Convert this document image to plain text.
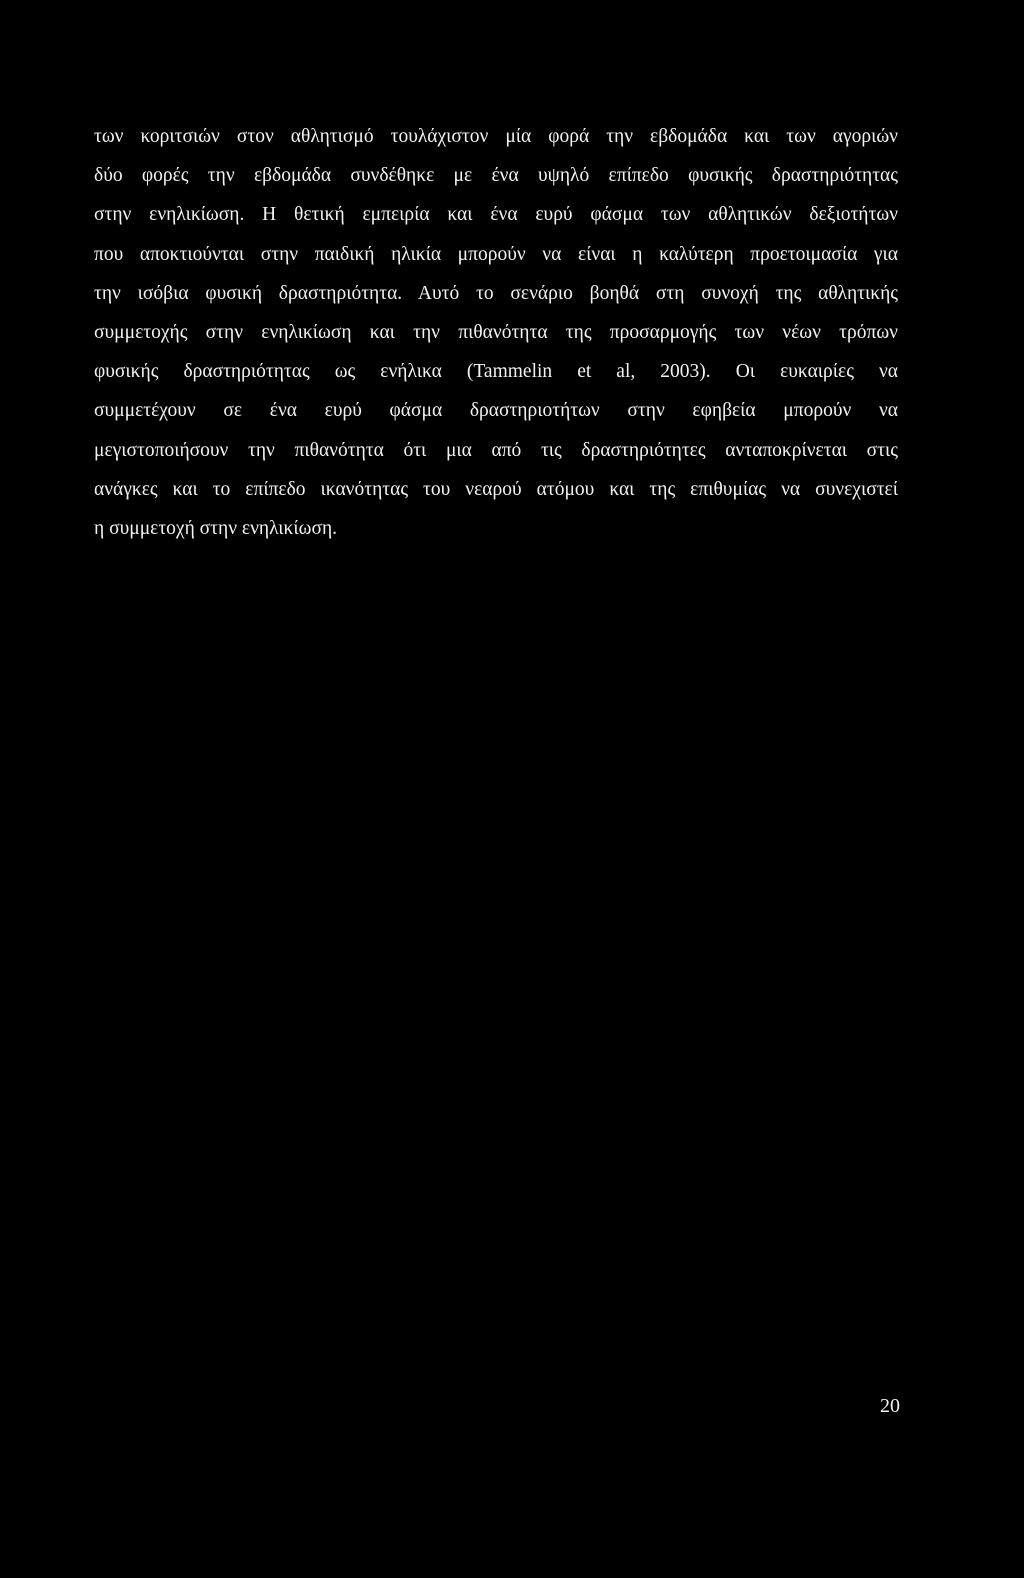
των κοριτσιών στον αθλητισμό τουλάχιστον μία φορά την εβδομάδα και των αγοριών
δύο φορές την εβδομάδα συνδέθηκε με ένα υψηλό επίπεδο φυσικής δραστηριότητας
στην ενηλικίωση. Η θετική εμπειρία και ένα ευρύ φάσμα των αθλητικών δεξιοτήτων
που αποκτιούνται στην παιδική ηλικία μπορούν να είναι η καλύτερη προετοιμασία για
την ισόβια φυσική δραστηριότητα. Αυτό το σενάριο βοηθά στη συνοχή της αθλητικής
συμμετοχής στην ενηλικίωση και την πιθανότητα της προσαρμογής των νέων τρόπων
φυσικής δραστηριότητας ως ενήλικα (Tammelin et al, 2003). Οι ευκαιρίες να
συμμετέχουν σε ένα ευρύ φάσμα δραστηριοτήτων στην εφηβεία μπορούν να
μεγιστοποιήσουν την πιθανότητα ότι μια από τις δραστηριότητες ανταποκρίνεται στις
ανάγκες και το επίπεδο ικανότητας του νεαρού ατόμου και της επιθυμίας να συνεχιστεί
η συμμετοχή στην ενηλικίωση.
20
